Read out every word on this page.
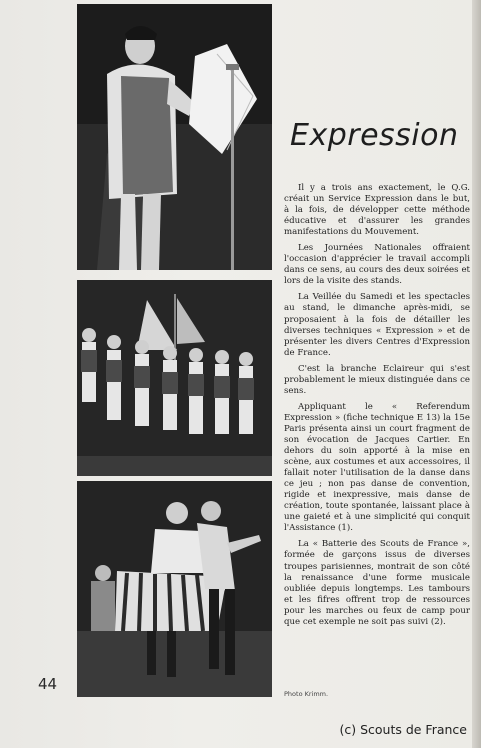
Expression

Il y a trois ans exactement, le Q.G. créait un Service Expression dans le but, à la fois, de développer cette méthode éducative et d'assurer les grandes manifestations du Mouvement.

Les Journées Nationales offraient l'occasion d'apprécier le travail accompli dans ce sens, au cours des deux soirées et lors de la visite des stands.

La Veillée du Samedi et les spectacles au stand, le dimanche après-midi, se proposaient à la fois de détailler les diverses techniques « Expression » et de présenter les divers Centres d'Expression de France.

C'est la branche Eclaireur qui s'est probablement le mieux distinguée dans ce sens.

Appliquant le « Referendum Expression » (fiche technique E 13) la 15e Paris présenta ainsi un court fragment de son évocation de Jacques Cartier. En dehors du soin apporté à la mise en scène, aux costumes et aux accessoires, il fallait noter l'utilisation de la danse dans ce jeu ; non pas danse de convention, rigide et inexpressive, mais danse de création, toute spontanée, laissant place à une gaieté et à une simplicité qui conquit l'Assistance (1).

La « Batterie des Scouts de France », formée de garçons issus de diverses troupes parisiennes, montrait de son côté la renaissance d'une forme musicale oubliée depuis longtemps. Les tambours et les fifres offrent trop de ressources pour les marches ou feux de camp pour que cet exemple ne soit pas suivi (2).

44
Photo Krimm.
(c) Scouts de France
